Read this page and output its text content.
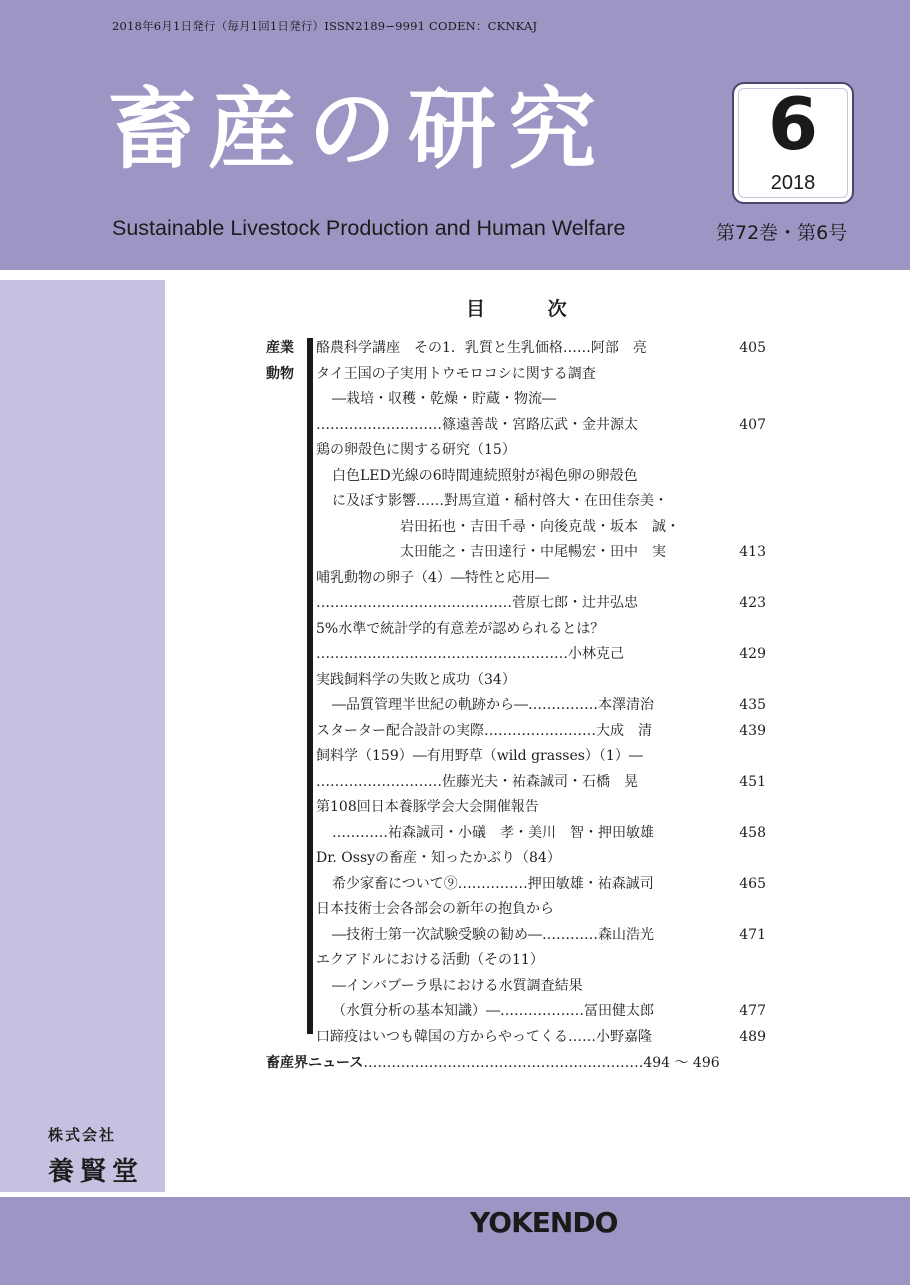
2018年6月1日発行（毎月1回1日発行）ISSN2189−9991 CODEN：CKNKAJ
畜産の研究
Sustainable Livestock Production and Human Welfare
6
2018
第72巻・第6号
目 次
産業動物
酪農科学講座　その1．乳質と生乳価格……阿部　亮	405
タイ王国の子実用トウモロコシに関する調査
―栽培・収穫・乾燥・貯蔵・物流―
………………………篠遠善哉・宮路広武・金井源太	407
鶏の卵殻色に関する研究（15）
白色LED光線の6時間連続照射が褐色卵の卵殻色
に及ぼす影響……對馬宣道・稲村啓大・在田佳奈美・
岩田拓也・吉田千尋・向後克哉・坂本　誠・
太田能之・吉田達行・中尾暢宏・田中　実	413
哺乳動物の卵子（4）―特性と応用―
……………………………………菅原七郎・辻井弘忠	423
5%水準で統計学的有意差が認められるとは？
………………………………………………小林克己	429
実践飼料学の失敗と成功（34）
―品質管理半世紀の軌跡から―……………本澤清治	435
スターター配合設計の実際……………………大成　清	439
飼料学（159）―有用野草（wild grasses）（1）―
………………………佐藤光夫・祐森誠司・石橋　晃	451
第108回日本養豚学会大会開催報告
…………祐森誠司・小礒　孝・美川　智・押田敏雄	458
Dr. Ossyの畜産・知ったかぶり（84）
希少家畜について⑨……………押田敏雄・祐森誠司	465
日本技術士会各部会の新年の抱負から
―技術士第一次試験受験の勧め―…………森山浩光	471
エクアドルにおける活動（その11）
―インバブーラ県における水質調査結果
（水質分析の基本知識）―………………冨田健太郎	477
口蹄疫はいつも韓国の方からやってくる……小野嘉隆	489
畜産界ニュース……………………………………………………494 ～ 496
株式会社
養賢堂
YOKENDO
